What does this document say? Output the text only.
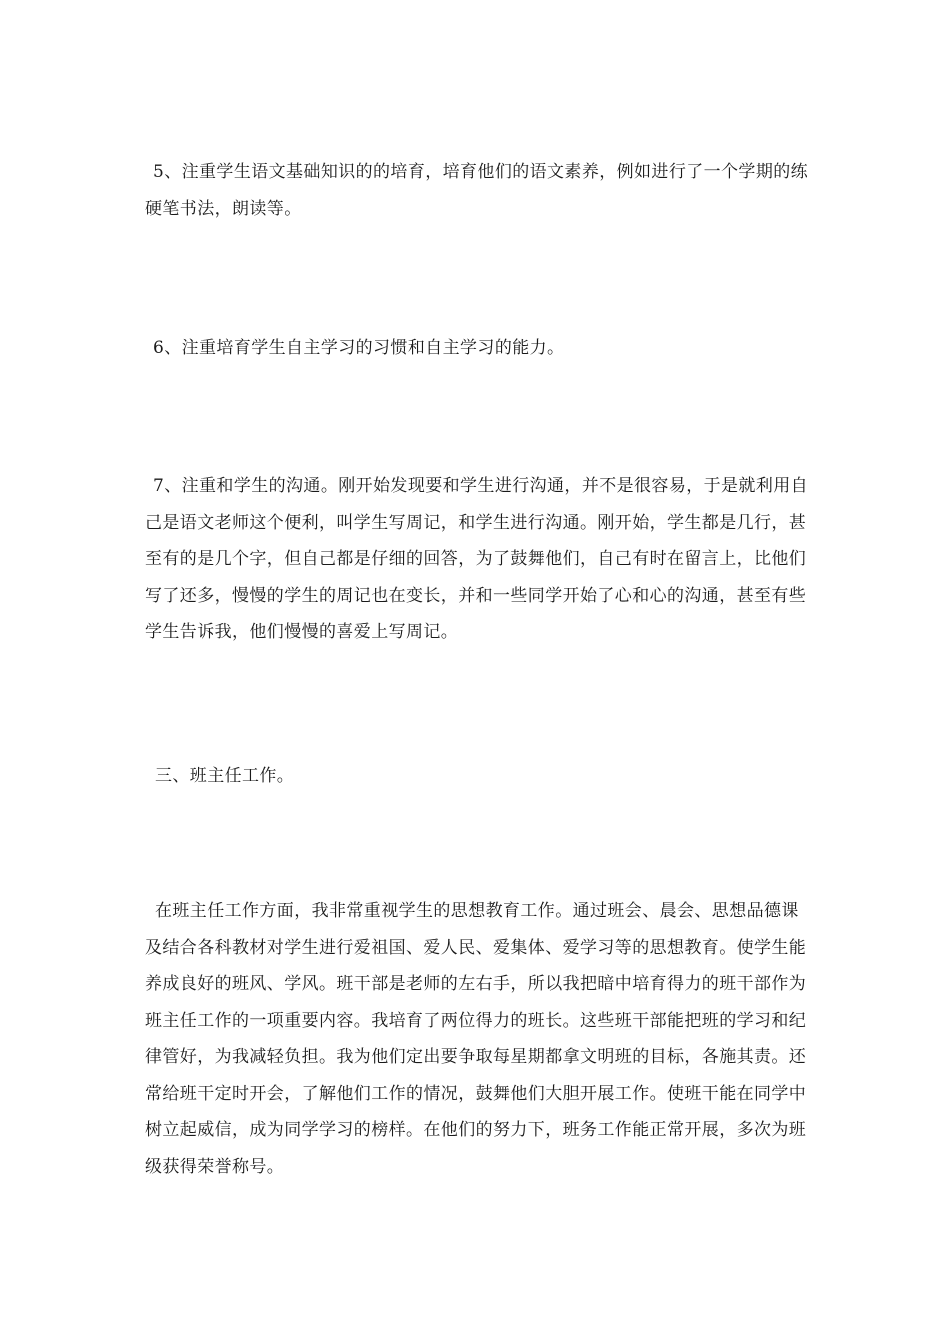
5、注重学生语文基础知识的的培育，培育他们的语文素养，例如进行了一个学期的练硬笔书法，朗读等。

6、注重培育学生自主学习的习惯和自主学习的能力。

7、注重和学生的沟通。刚开始发现要和学生进行沟通，并不是很容易，于是就利用自己是语文老师这个便利，叫学生写周记，和学生进行沟通。刚开始，学生都是几行，甚至有的是几个字，但自己都是仔细的回答，为了鼓舞他们，自己有时在留言上，比他们写了还多，慢慢的学生的周记也在变长，并和一些同学开始了心和心的沟通，甚至有些学生告诉我，他们慢慢的喜爱上写周记。

三、班主任工作。

在班主任工作方面，我非常重视学生的思想教育工作。通过班会、晨会、思想品德课及结合各科教材对学生进行爱祖国、爱人民、爱集体、爱学习等的思想教育。使学生能养成良好的班风、学风。班干部是老师的左右手，所以我把暗中培育得力的班干部作为班主任工作的一项重要内容。我培育了两位得力的班长。这些班干部能把班的学习和纪律管好，为我减轻负担。我为他们定出要争取每星期都拿文明班的目标，各施其责。还常给班干定时开会，了解他们工作的情况，鼓舞他们大胆开展工作。使班干能在同学中树立起威信，成为同学学习的榜样。在他们的努力下，班务工作能正常开展，多次为班级获得荣誉称号。
